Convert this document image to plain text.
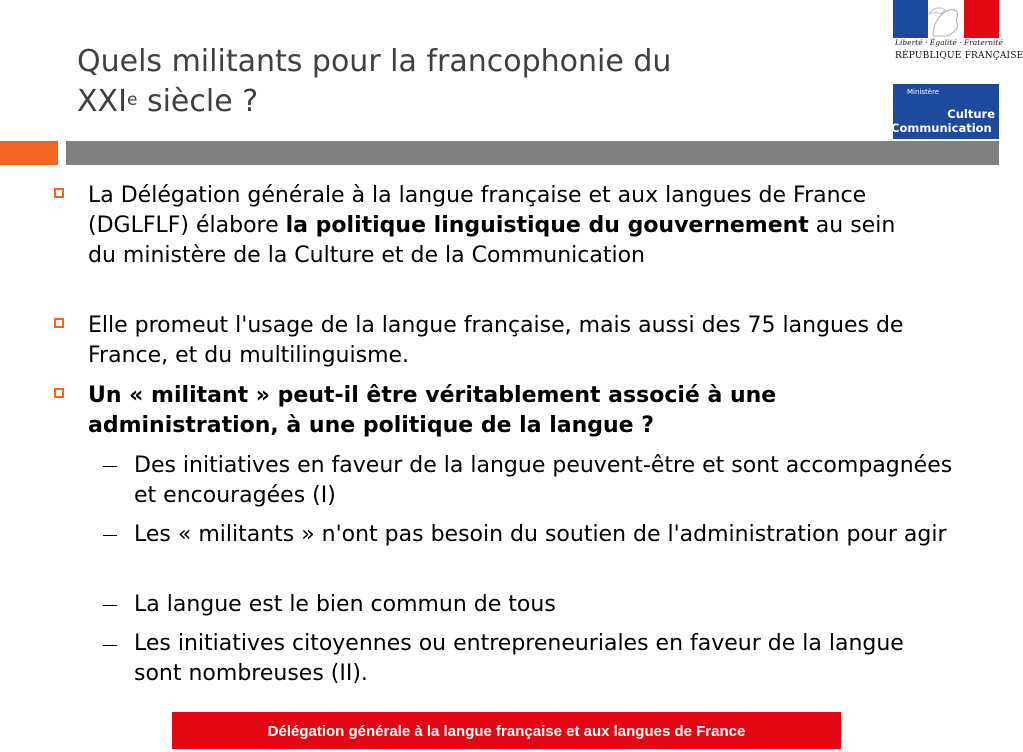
Quels militants pour la francophonie du
XXIe siècle ?
Liberté · Égalité · Fraternité
RÉPUBLIQUE FRANÇAISE
Ministère
Culture
Communication
La Délégation générale à la langue française et aux langues de France (DGLFLF) élabore la politique linguistique du gouvernement au sein du ministère de la Culture et de la Communication
Elle promeut l'usage de la langue française, mais aussi des 75 langues de France, et du multilinguisme.
Un « militant » peut-il être véritablement associé à une administration, à une politique de la langue ?
Des initiatives en faveur de la langue peuvent-être et sont accompagnées et encouragées (I)
Les « militants » n'ont pas besoin du soutien de l'administration pour agir
La langue est le bien commun de tous
Les initiatives citoyennes ou entrepreneuriales en faveur de la langue sont nombreuses (II).
Délégation générale à la langue française et aux langues de France
